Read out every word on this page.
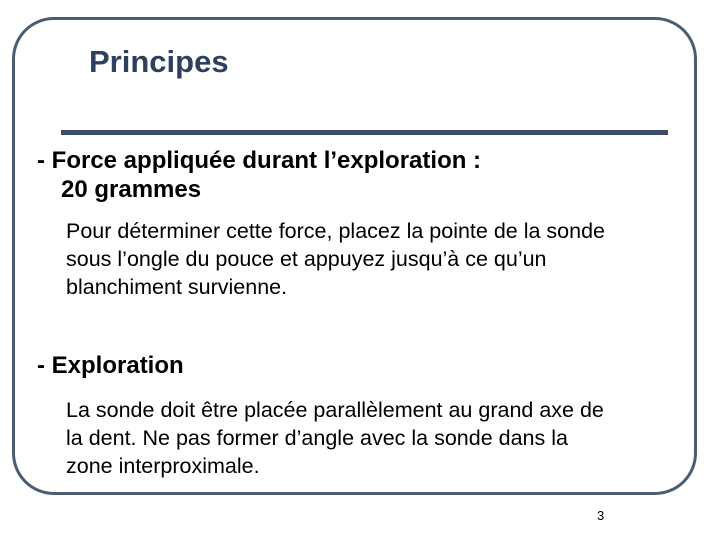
Principes
- Force appliquée durant l’exploration :
20 grammes

Pour déterminer cette force, placez la pointe de la sonde
sous l’ongle du pouce et appuyez jusqu’à ce qu’un
blanchiment survienne.

- Exploration

La sonde doit être placée parallèlement au grand axe de
la dent. Ne pas former d’angle avec la sonde dans la
zone interproximale.

3
